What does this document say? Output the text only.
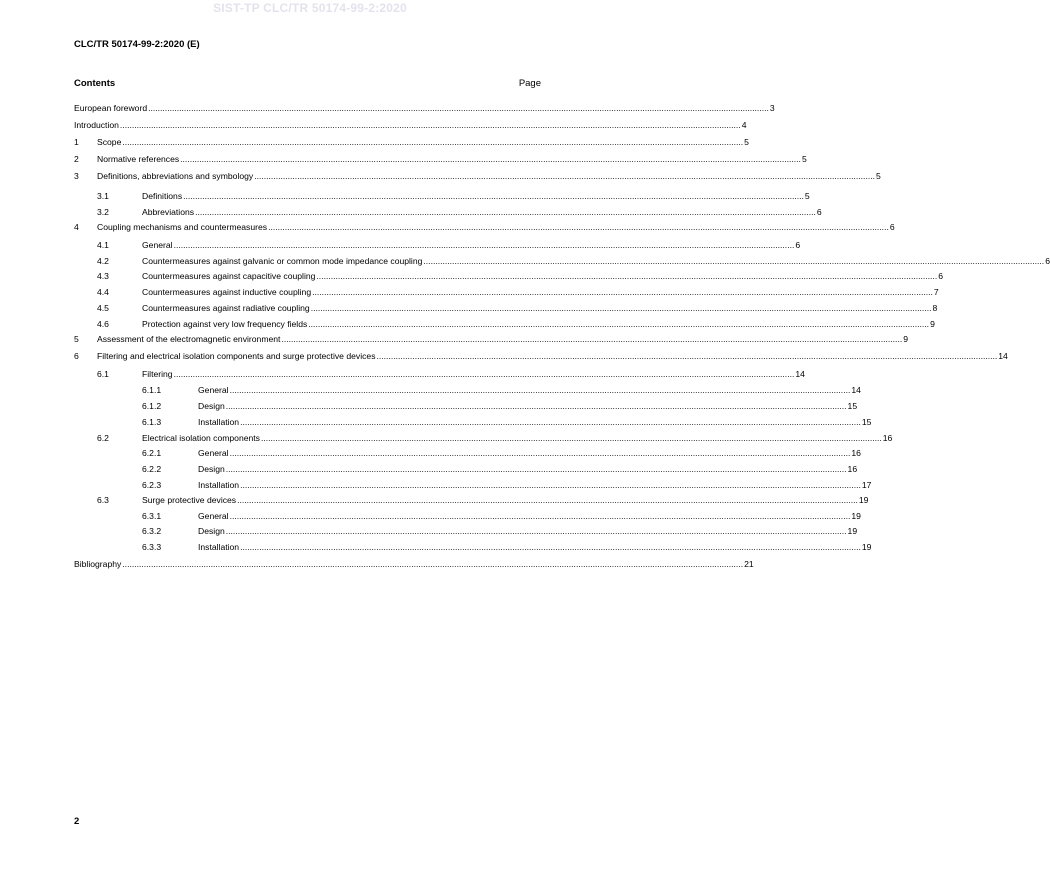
SIST-TP CLC/TR 50174-99-2:2020
CLC/TR 50174-99-2:2020 (E)
Contents	Page
European foreword .................................................................................................................................................................................................................................................................... 3
Introduction .................................................................................................................................................................................................................................................................... 4
1 Scope .................................................................................................................................................................................................................................................................... 5
2 Normative references .................................................................................................................................................................................................................................................................... 5
3 Definitions, abbreviations and symbology .................................................................................................................................................................................................................................................................... 5
3.1	Definitions .................................................................................................................................................................................................................................................................... 5
3.2	Abbreviations .................................................................................................................................................................................................................................................................... 6
4 Coupling mechanisms and countermeasures .................................................................................................................................................................................................................................................................... 6
4.1	General .................................................................................................................................................................................................................................................................... 6
4.2	Countermeasures against galvanic or common mode impedance coupling .................................................................................................................................................................................................................................................................... 6
4.3	Countermeasures against capacitive coupling .................................................................................................................................................................................................................................................................... 6
4.4	Countermeasures against inductive coupling .................................................................................................................................................................................................................................................................... 7
4.5	Countermeasures against radiative coupling .................................................................................................................................................................................................................................................................... 8
4.6	Protection against very low frequency fields .................................................................................................................................................................................................................................................................... 9
5 Assessment of the electromagnetic environment .................................................................................................................................................................................................................................................................... 9
6 Filtering and electrical isolation components and surge protective devices .................................................................................................................................................................................................................................................................... 14
6.1	Filtering .................................................................................................................................................................................................................................................................... 14
6.1.1	General .................................................................................................................................................................................................................................................................... 14
6.1.2	Design .................................................................................................................................................................................................................................................................... 15
6.1.3	Installation .................................................................................................................................................................................................................................................................... 15
6.2	Electrical isolation components .................................................................................................................................................................................................................................................................... 16
6.2.1	General .................................................................................................................................................................................................................................................................... 16
6.2.2	Design .................................................................................................................................................................................................................................................................... 16
6.2.3	Installation .................................................................................................................................................................................................................................................................... 17
6.3	Surge protective devices .................................................................................................................................................................................................................................................................... 19
6.3.1	General .................................................................................................................................................................................................................................................................... 19
6.3.2	Design .................................................................................................................................................................................................................................................................... 19
6.3.3	Installation .................................................................................................................................................................................................................................................................... 19
Bibliography .................................................................................................................................................................................................................................................................... 21
2
